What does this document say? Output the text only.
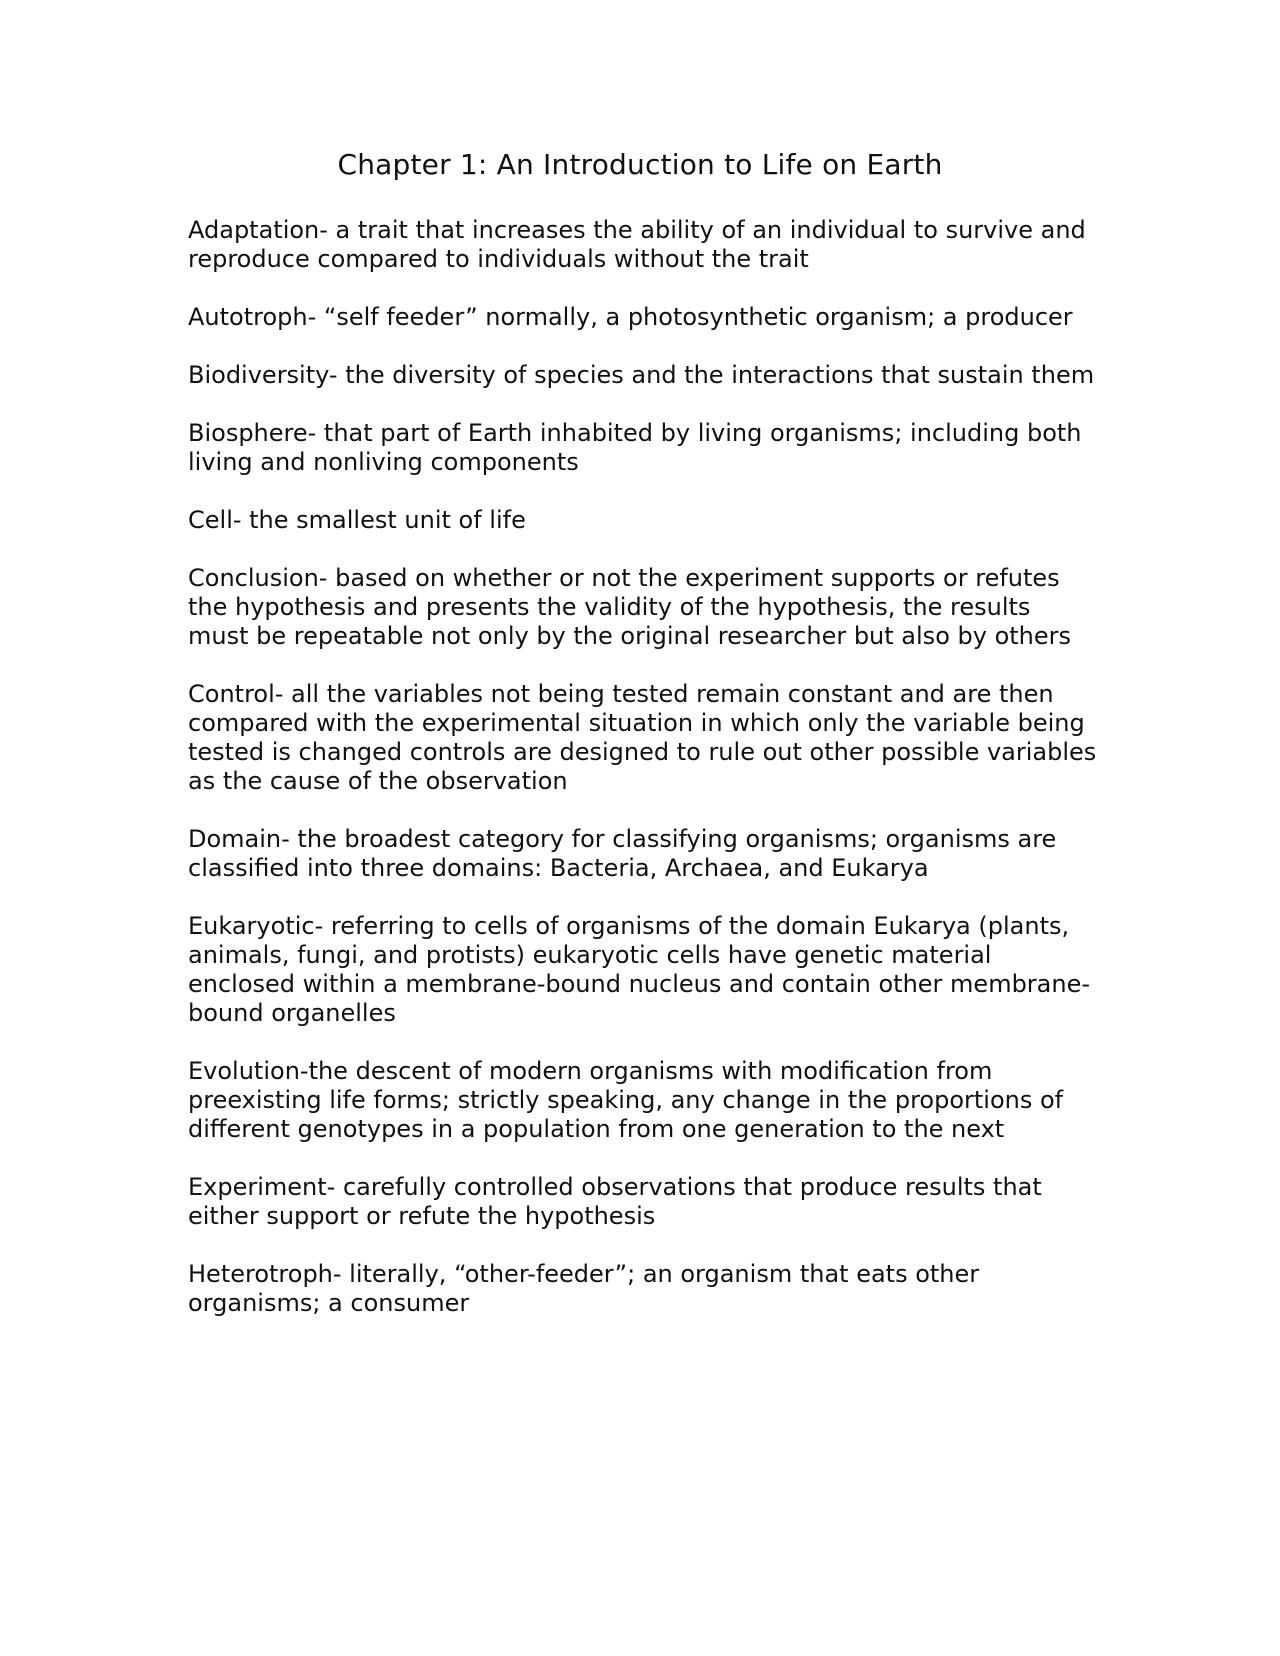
Chapter 1: An Introduction to Life on Earth
Adaptation- a trait that increases the ability of an individual to survive and reproduce compared to individuals without the trait
Autotroph- “self feeder” normally, a photosynthetic organism; a producer
Biodiversity- the diversity of species and the interactions that sustain them
Biosphere- that part of Earth inhabited by living organisms; including both living and nonliving components
Cell- the smallest unit of life
Conclusion- based on whether or not the experiment supports or refutes the hypothesis and presents the validity of the hypothesis, the results must be repeatable not only by the original researcher but also by others
Control- all the variables not being tested remain constant and are then compared with the experimental situation in which only the variable being tested is changed controls are designed to rule out other possible variables as the cause of the observation
Domain- the broadest category for classifying organisms; organisms are classified into three domains: Bacteria, Archaea, and Eukarya
Eukaryotic- referring to cells of organisms of the domain Eukarya (plants, animals, fungi, and protists) eukaryotic cells have genetic material enclosed within a membrane-bound nucleus and contain other membrane-bound organelles
Evolution-the descent of modern organisms with modification from preexisting life forms; strictly speaking, any change in the proportions of different genotypes in a population from one generation to the next
Experiment- carefully controlled observations that produce results that either support or refute the hypothesis
Heterotroph- literally, “other-feeder”; an organism that eats other organisms; a consumer
